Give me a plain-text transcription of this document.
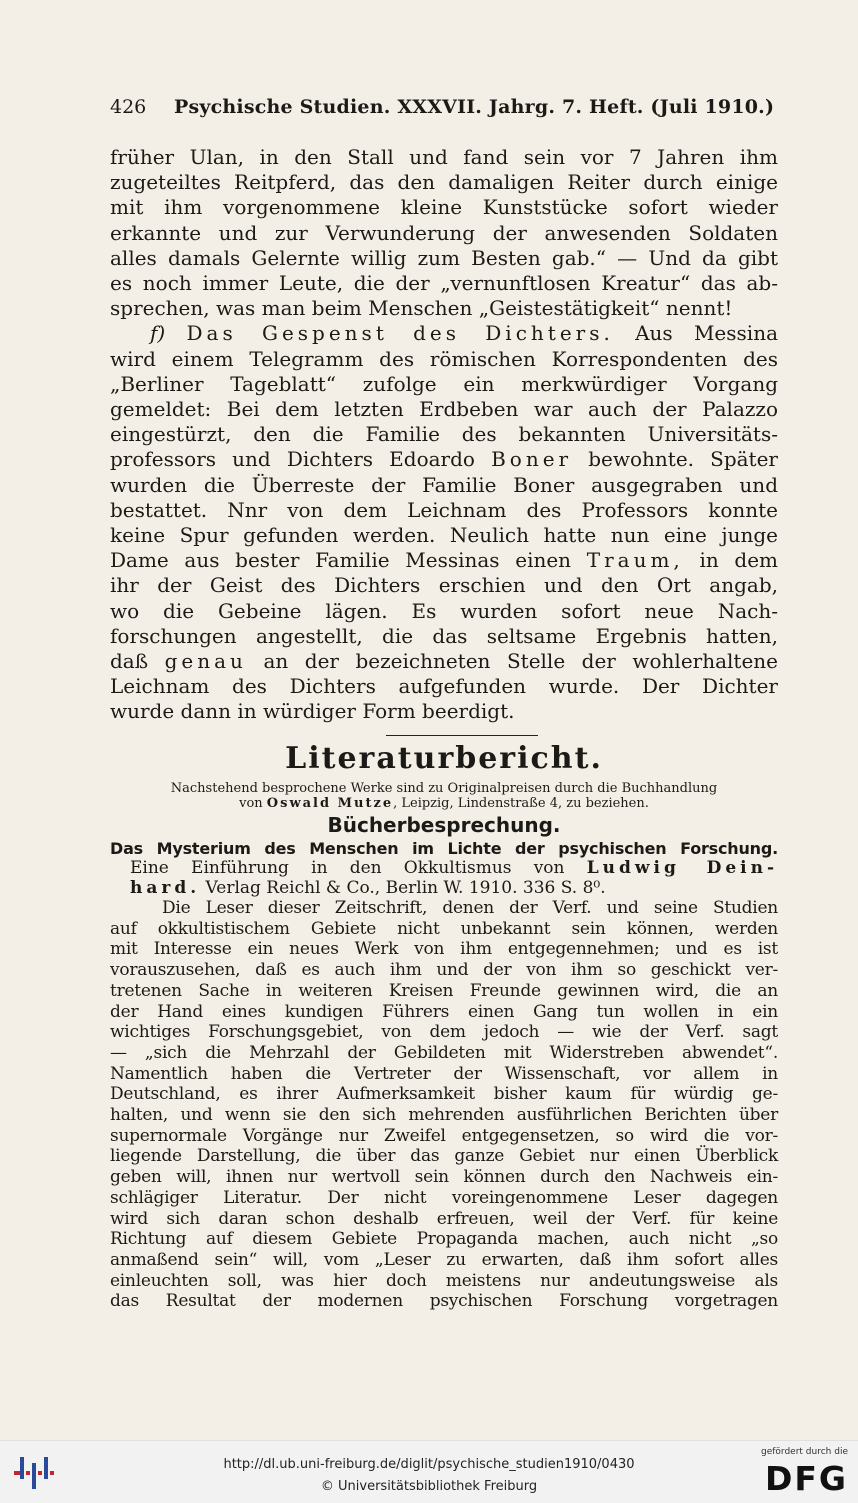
426 Psychische Studien. XXXVII. Jahrg. 7. Heft. (Juli 1910.)
früher Ulan, in den Stall und fand sein vor 7 Jahren ihm
zugeteiltes Reitpferd, das den damaligen Reiter durch einige
mit ihm vorgenommene kleine Kunststücke sofort wieder
erkannte und zur Verwunderung der anwesenden Soldaten
alles damals Gelernte willig zum Besten gab.“ — Und da gibt
es noch immer Leute, die der „vernunftlosen Kreatur“ das ab-
sprechen, was man beim Menschen „Geistestätigkeit“ nennt!
f) Das Gespenst des Dichters. Aus Messina
wird einem Telegramm des römischen Korrespondenten des
„Berliner Tageblatt“ zufolge ein merkwürdiger Vorgang
gemeldet: Bei dem letzten Erdbeben war auch der Palazzo
eingestürzt, den die Familie des bekannten Universitäts-
professors und Dichters Edoardo Boner bewohnte. Später
wurden die Überreste der Familie Boner ausgegraben und
bestattet. Nnr von dem Leichnam des Professors konnte
keine Spur gefunden werden. Neulich hatte nun eine junge
Dame aus bester Familie Messinas einen Traum, in dem
ihr der Geist des Dichters erschien und den Ort angab,
wo die Gebeine lägen. Es wurden sofort neue Nach-
forschungen angestellt, die das seltsame Ergebnis hatten,
daß genau an der bezeichneten Stelle der wohlerhaltene
Leichnam des Dichters aufgefunden wurde. Der Dichter
wurde dann in würdiger Form beerdigt.
Literaturbericht.
Nachstehend besprochene Werke sind zu Originalpreisen durch die Buchhandlung
von Oswald Mutze, Leipzig, Lindenstraße 4, zu beziehen.
Bücherbesprechung.
Das Mysterium des Menschen im Lichte der psychischen Forschung.
Eine Einführung in den Okkultismus von Ludwig Dein-
hard. Verlag Reichl & Co., Berlin W. 1910. 336 S. 8⁰.
Die Leser dieser Zeitschrift, denen der Verf. und seine Studien
auf okkultistischem Gebiete nicht unbekannt sein können, werden
mit Interesse ein neues Werk von ihm entgegennehmen; und es ist
vorauszusehen, daß es auch ihm und der von ihm so geschickt ver-
tretenen Sache in weiteren Kreisen Freunde gewinnen wird, die an
der Hand eines kundigen Führers einen Gang tun wollen in ein
wichtiges Forschungsgebiet, von dem jedoch — wie der Verf. sagt
— „sich die Mehrzahl der Gebildeten mit Widerstreben abwendet“.
Namentlich haben die Vertreter der Wissenschaft, vor allem in
Deutschland, es ihrer Aufmerksamkeit bisher kaum für würdig ge-
halten, und wenn sie den sich mehrenden ausführlichen Berichten über
supernormale Vorgänge nur Zweifel entgegensetzen, so wird die vor-
liegende Darstellung, die über das ganze Gebiet nur einen Überblick
geben will, ihnen nur wertvoll sein können durch den Nachweis ein-
schlägiger Literatur. Der nicht voreingenommene Leser dagegen
wird sich daran schon deshalb erfreuen, weil der Verf. für keine
Richtung auf diesem Gebiete Propaganda machen, auch nicht „so
anmaßend sein“ will, vom „Leser zu erwarten, daß ihm sofort alles
einleuchten soll, was hier doch meistens nur andeutungsweise als
das Resultat der modernen psychischen Forschung vorgetragen
http://dl.ub.uni-freiburg.de/diglit/psychische_studien1910/0430
© Universitätsbibliothek Freiburg
gefördert durch die
DFG
